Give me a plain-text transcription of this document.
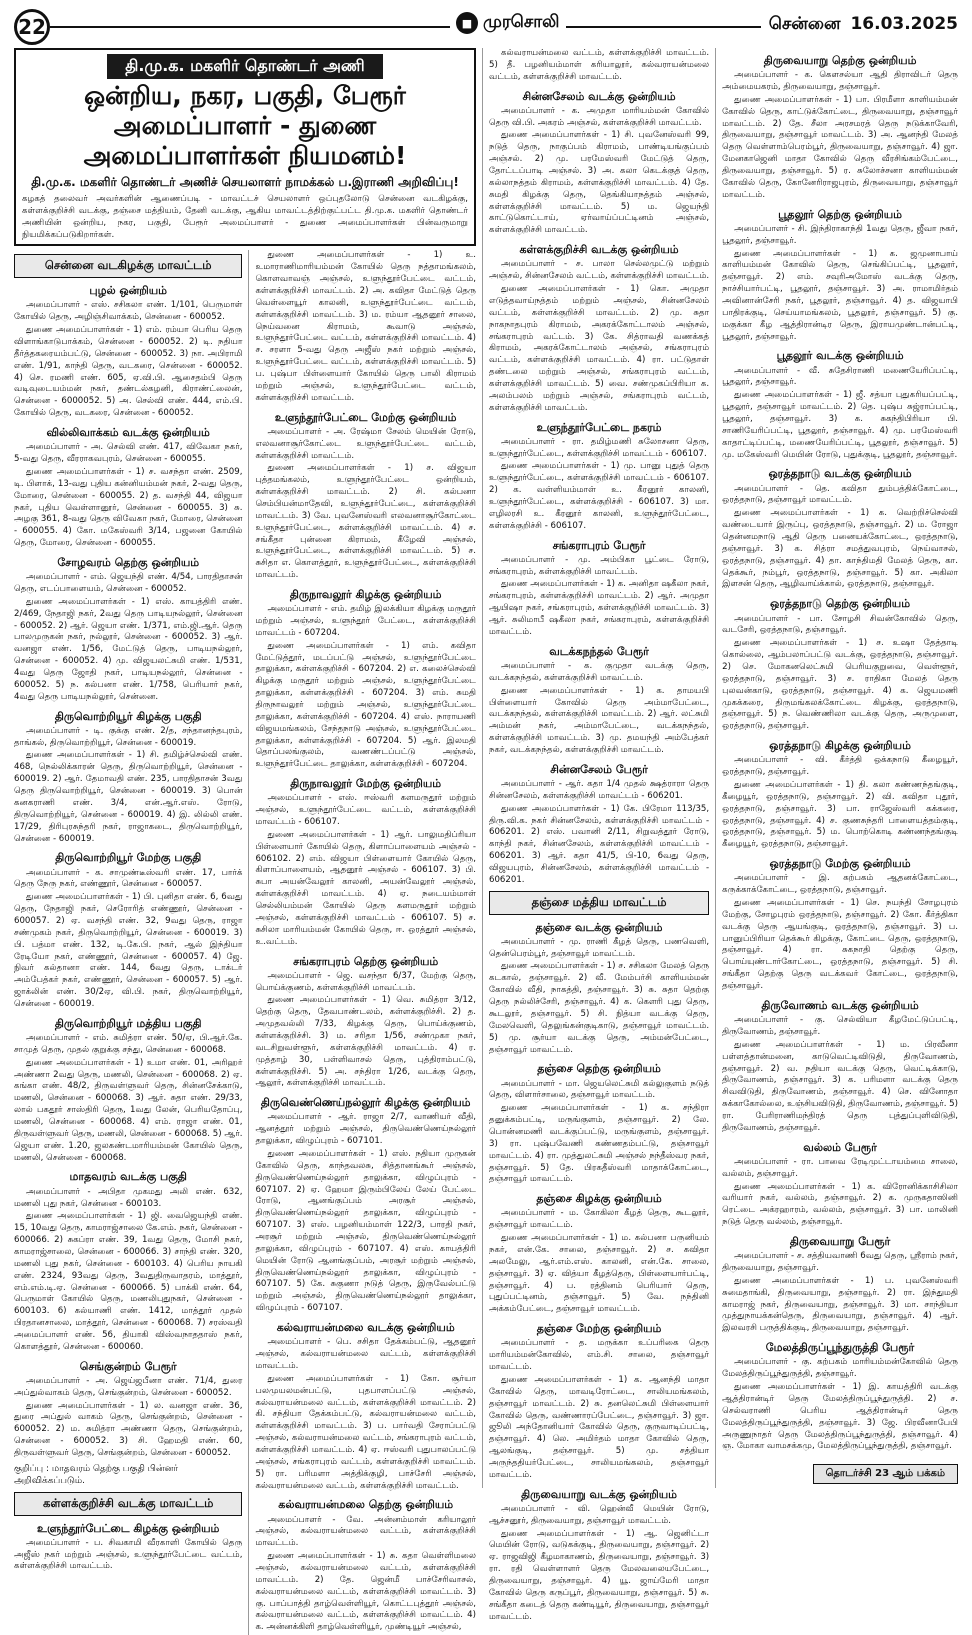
22	■ முரசொலி	சென்னை 16.03.2025
தி.மு.க. மகளிர் தொண்டர் அணி
ஒன்றிய, நகர, பகுதி, பேரூர்
அமைப்பாளர் - துணை அமைப்பாளர்கள் நியமனம்!
தி.மு.க. மகளிர் தொண்டர் அணிச் செயலாளர் நாமக்கல் ப.இராணி அறிவிப்பு!
கழகத் தலைவர் அவர்களின் ஆணைப்படி - மாவட்டச் செயலாளர் ஒப்புதலோடு சென்னை வடகிழக்கு, கள்ளக்குறிச்சி வடக்கு, தஞ்சை மத்தியம், தேனி வடக்கு, ஆகிய மாவட்டத்திற்குட்பட்ட தி.மு.க. மகளிர் தொண்டர் அணியின் ஒன்றிய, நகர, பகுதி, பேரூர் அமைப்பாளர் - துணை அமைப்பாளர்கள் பின்வருமாறு நியமிக்கப்படுகிறார்கள்.
சென்னை வடகிழக்கு மாவட்டம்
புழல் ஒன்றியம்
அமைப்பாளர் - எஸ். சசிகலா எண். 1/101, பெருமாள் கோயில் தெரு, அழிஞ்சிவாக்கம், சென்னை - 600052.
துணை அமைப்பாளர்கள் - 1) எம். ரம்யா பெரிய தெரு விளாங்காடுபாக்கம், சென்னை - 600052. 2) டி. நதியா தீர்த்தகரையம்பட்டு, சென்னை - 600052. 3) நா. அபிராமி எண். 1/91, காந்தி தெரு, வடகரை, சென்னை - 600052. 4) செ. ரமணி எண். 605, ஏ.வி.பி. ஆசைதம்பி தெரு வடிவுடையம்மன் நகர், தண்டல்கழனி, கிராண்ட்லைன், சென்னை - 6000052. 5) அ. செல்வி எண். 444, எம்.பி. கோயில் தெரு, வடகரை, சென்னை - 600052.
வில்லிவாக்கம் வடக்கு ஒன்றியம்
அமைப்பாளர் - அ. செல்வி எண். 417, விவேகா நகர், 5-வது தெரு, வீரராகவபுரம், சென்னை - 600055.
துணை அமைப்பாளர்கள் - 1) ச. வசந்தா எண். 2509, டி. பிளாக், 13-வது புதிய கன்னியம்மன் நகர், 2-வது தெரு, மோரை, சென்னை - 600055. 2) த. வசந்தி 44, விஜயா நகர், புதிய வெள்ளானூர், சென்னை - 600055. 3) சு. அழகு 361, 8-வது தெரு விவேகா நகர், மோரை, சென்னை - 600055. 4) கோ. மகேஸ்வரி 3/14, பஜனை கோயில் தெரு, மோரை, சென்னை - 600055.
சோழவரம் தெற்கு ஒன்றியம்
அமைப்பாளர் - எம். ஜெயந்தி எண். 4/54, பாரதிதாசன் தெரு, எடப்பாளையம், சென்னை - 600052.
துணை அமைப்பாளர்கள் - 1) எஸ். காயத்திரி எண். 2/469, நேதாஜி நகர், 2வது தெரு பாடியநல்லூர், சென்னை - 600052. 2) ஆர். ஜெயா எண். 1/371, எம்.ஜி.ஆர். தெரு பாலமுருகன் நகர், நல்லூர், சென்னை - 600052. 3) ஆர். வனஜா எண். 1/56, மேட்டுத் தெரு, பாடியநல்லூர், சென்னை - 600052. 4) மு. விஜயலட்சுமி எண். 1/531, 4வது தெரு ஜோதி நகர், பாடியநல்லூர், சென்னை - 600052. 5) ந. கல்பனா எண். 1/758, பெரியார் நகர், 4வது தெரு பாடியநல்லூர், சென்னை.
திருவொற்றியூர் கிழக்கு பகுதி
அமைப்பாளர் - டி. குக்கு எண். 2/த, சந்தானந்தபுரம், தாங்கல், திருவொற்றியூர், சென்னை - 600019.
துணை அமைப்பாளர்கள் - 1) சி. தமிழ்ச்செல்வி எண். 468, நெல்லிக்காரன் தெரு, திருவொற்றியூர், சென்னை - 600019. 2) ஆர். தேமாவதி எண். 235, பாரதிதாசன் 3வது தெரு திருவொற்றியூர், சென்னை - 600019. 3) பொன் கனகராணி எண். 3/4, என்.ஆர்.எஸ். ரோடு, திருவொற்றியூர், சென்னை - 600019. 4) இ. லில்லி எண். 17/29, திரிபுரசுந்தரி நகர், ராஜாகடை, திருவொற்றியூர், சென்னை - 600019.
திருவொற்றியூர் மேற்கு பகுதி
அமைப்பாளர் - க. சாமுண்டீஸ்வரி எண். 17, பார்க் தெரு நேரு நகர், எண்ணூர், சென்னை - 600057.
துணை அமைப்பாளர்கள் - 1) பி. புனிதா எண். 6, 6வது தெரு, நேதாஜி நகர், செரோரித் எண்ணூர், சென்னை - 600057. 2) ஏ. வசந்தி எண். 32, 9வது தெரு, ராஜா சண்முகம் நகர், திருவொற்றியூர், சென்னை - 600019. 3) பி. பத்மா எண். 132, டி.கே.பி. நகர், ஆல் இந்தியா ரேடியோ நகர், எண்ணூர், சென்னை - 600057. 4) ஜே. நிவர் கல்தானா எண். 144, 6வது தெரு, டாக்டர் அம்பேத்கர் நகர், எண்ணூர், சென்னை - 600057. 5) ஆர். ஜாக்லின் எண். 30/2ஏ, வி.பி. நகர், திருவொற்றியூர், சென்னை - 600019.
திருவொற்றியூர் மத்திய பகுதி
அமைப்பாளர் - எம். சுமித்ரா எண். 50/ஏ, பி.ஆர்.கே. சாமுத் தெரு, முதல் குறுக்கு சந்து, சென்னை - 600068.
துணை அமைப்பாளர்கள் - 1) உமா எண். 01, அரிஹர் அண்ணா 2வது தெரு, மணலி, சென்னை - 600068. 2) ஏ. கங்கா எண். 48/2, திருவள்ளுவர் தெரு, சின்னசேக்காடு, மணலி, சென்னை - 600068. 3) ஆர். சுதா எண். 29/33, லால் பகதூர் சாஸ்திரி தெரு, 1வது லேன், பெரியதோப்பு, மணலி, சென்னை - 600068. 4) எம். ராஜா எண். 01, திருவள்ளுவர் தெரு, மணலி, சென்னை - 600068. 5) ஆர். ஜெயா எண். 1.20, ஜலகண்டமாரியம்மன் கோயில் தெரு, மணலி, சென்னை - 600068.
மாதவரம் வடக்கு பகுதி
அமைப்பாளர் - அபிதா முகமது அலி எண். 632, மணலி புது நகர், சென்னை - 600103.
துணை அமைப்பாளர்கள் - 1) ஜி. வைஜெயந்தி எண். 15, 10வது தெரு, காமராஜ்சாலை கே.எம். நகர், சென்னை - 600066. 2) சுகப்ரா எண். 39, 1வது தெரு, மோசி நகர், காமராஜ்சாலை, சென்னை - 600066. 3) சாந்தி எண். 320, மணலி புது நகர், சென்னை - 600103. 4) பெரிய நாயகி எண். 2324, 93வது தெரு, 3வதுதிருவாதரம், மாத்தூர், எம்.எம்.டி.ஏ. சென்னை - 600066. 5) பாக்கி எண். 64, பெருமாள் கோயில் தெரு, மணலிபுதுநகர், சென்னை - 600103. 6) கல்யாணி எண். 1412, மாத்தூர் முதல் பிரதானசாலை, மாத்தூர், சென்னை - 600068. 7) சரஸ்வதி அமைப்பாளர் எண். 56, தியாகி விஸ்வநாததாஸ் நகர், கொளத்தூர், சென்னை - 600060.
செங்குன்றம் பேரூர்
அமைப்பாளர் - அ. ஜெய்ஜபீனா எண். 71/4, துரை அப்துல்வாகம் தெரு, செங்குன்றம், சென்னை - 600052.
துணை அமைப்பாளர்கள் - 1) ல. வனஜா எண். 36, துரை அப்துல் வாகம் தெரு, செங்குன்றம், சென்னை - 600052. 2) ம. சுமித்ரா அண்ணா தெரு, செங்குன்றம், சென்னை - 600052. 3) சி. ஹேமதி எண். 60, திருவள்ளுவர் தெரு, செங்குன்றம், சென்னை - 600052.
குறிப்பு : மாதவரம் தெற்கு பகுதி பின்னர் அறிவிக்கப்படும்.
கள்ளக்குறிச்சி வடக்கு மாவட்டம்
உளுந்தூர்பேட்டை கிழக்கு ஒன்றியம்
அமைப்பாளர் - ப. சிவகாமி வீரகாளி கோயில் தெரு அஜீஸ் நகர் மற்றும் அஞ்சல், உளுந்தூர்பேட்டை வட்டம், கள்ளக்குறிச்சி மாவட்டம்.
துணை அமைப்பாளர்கள் - 1) உ. உமாராணிமாரியம்மன் கோயில் தெரு நத்தாமங்கலம், கொளவாவஞ் அஞ்சல், உளுந்தூர்பேட்டை வட்டம், கள்ளக்குறிச்சி மாவட்டம். 2) அ. கவிதா மேட்டுத் தெரு வெள்ளையூர் காலனி, உளுந்தூர்பேட்டை வட்டம், கள்ளக்குறிச்சி மாவட்டம். 3) ம. ரம்யா ஆதனூர் சாலை, நெய்வனை கிராமம், கூவாடு அஞ்சல், உளுந்தூர்பேட்டை வட்டம், கள்ளக்குறிச்சி மாவட்டம். 4) ச. சரளா 5-வது தெரு அஜீஸ் நகர் மற்றும் அஞ்சல், உளுந்தூர்பேட்டை வட்டம், கள்ளக்குறிச்சி மாவட்டம். 5) ப. புஷ்பா பிள்ளையார் கோயில் தெரு பாலி கிராமம் மற்றும் அஞ்சல், உளுந்தூர்பேட்டை வட்டம், கள்ளக்குறிச்சி மாவட்டம்.
உளுந்தூர்பேட்டை மேற்கு ஒன்றியம்
அமைப்பாளர் - அ. ரேஷ்மா சேலம் மெயின் ரோடு, எலவனாசூர்கோட்டை உளுந்தூர்பேட்டை வட்டம், கள்ளக்குறிச்சி மாவட்டம்.
துணை அமைப்பாளர்கள் - 1) ச. விஜயா புத்தமங்கலம், உளுந்தூர்பேட்டை ஒன்றியம், கள்ளக்குறிச்சி மாவட்டம். 2) சி. கல்பனா செம்பியன்மாதேவி, உளுந்தூர்பேட்டை, கள்ளக்குறிச்சி மாவட்டம். 3) வே. புவனேஸ்வரி எலவனாசூர்கோட்டை உளுந்தூர்பேட்டை, கள்ளக்குறிச்சி மாவட்டம். 4) ச. சங்கீதா புன்னை கிராமம், கீழேவி அஞ்சல், உளுந்தூர்பேட்டை, கள்ளக்குறிச்சி மாவட்டம். 5) ச. சுசிதா எ. கொளத்தூர், உளுந்தூர்பேட்டை, கள்ளக்குறிச்சி மாவட்டம்.
திருநாவலூர் கிழக்கு ஒன்றியம்
அமைப்பாளர் - எம். தமிழ் இலக்கியா கிழக்கு மருதூர் மற்றும் அஞ்சல், உளுந்தூர் பேட்டை, கள்ளக்குறிச்சி மாவட்டம் - 607204.
துணை அமைப்பாளர்கள் - 1) எம். கவிதா மேட்டுத்தூர், மடப்பட்டு அஞ்சல், உளுந்தூர்பேட்டை தாலுக்கா, கள்ளக்குறிச்சி - 607204. 2) எ. கலைச்செல்வி கிழக்கு மருதூர் மற்றும் அஞ்சல், உளுந்தூர்பேட்டை தாலுக்கா, கள்ளக்குறிச்சி - 607204. 3) எம். சுமதி திருநாவலூர் மற்றும் அஞ்சல், உளுந்தூர்பேட்டை தாலுக்கா, கள்ளக்குறிச்சி - 607204. 4) எஸ். நாராயணி விஜயமங்கலம், சேந்தநாடு அஞ்சல், உளுந்தூர்பேட்டை தாலுக்கா, கள்ளக்குறிச்சி - 607204. 5) ஆர். இலமதி தொப்பலங்குலம், வணண்டப்பட்டு அஞ்சல், உளுந்தூர்பேட்டை தாலுக்கா, கள்ளக்குறிச்சி - 607204.
திருநாவலூர் மேற்கு ஒன்றியம்
அமைப்பாளர் - எஸ். ஈஸ்வரி களமருதூர் மற்றும் அஞ்சல், உளுந்தூர்பேட்டை வட்டம், கள்ளக்குறிச்சி மாவட்டம் - 606107.
துணை அமைப்பாளர்கள் - 1) ஆர். பாலுமதிப்ரியா பிள்ளையார் கோயில் தெரு, கிளாப்பாளையம் அஞ்சல் - 606102. 2) எம். விஜயா பிள்ளையார் கோயில் தெரு, கிளாப்பாளையம், ஆதனூர் அஞ்சல் - 606107. 3) பி. சுபா அயன்வேலூர் காலனி, அயன்வேலூர் அஞ்சல், கள்ளக்குறிச்சி மாவட்டம். 4) ஏ. நடையம்மாள் செல்லியம்மன் கோயில் தெரு களமருதூர் மற்றும் அஞ்சல், கள்ளக்குறிச்சி மாவட்டம் - 606107. 5) ச. சுசிலா மாரியம்மன் கோயில் தெரு, ஈ. ஒரத்தூர் அஞ்சல், உ.வட்டம்.
சங்கராபுரம் தெற்கு ஒன்றியம்
அமைப்பாளர் - ஜெ. வசந்தா 6/37, மேற்கு தெரு, பொய்க்குணம், கள்ளக்குறிச்சி மாவட்டம்.
துணை அமைப்பாளர்கள் - 1) வெ. சுமித்ரா 3/12, தெற்கு தெரு, தேவபாண்டலம், கள்ளக்குறிச்சி. 2) த. அமுதவல்லி 7/33, கிழக்கு தெரு, பொய்க்குணம், கள்ளக்குறிச்சி. 3) ம. சரிதா 1/56, சண்முகா நகர், வடசிறுவள்ளூர், கள்ளக்குறிச்சி மாவட்டம். 4) ர. முத்தாழ் 30, பள்ளிவாசல் தெரு, புத்திராம்பட்டு, கள்ளக்குறிச்சி. 5) அ. சந்திரா 1/26, வடக்கு தெரு, ஆலூர், கள்ளக்குறிச்சி மாவட்டம்.
திருவெண்ணெய்நல்லூர் கிழக்கு ஒன்றியம்
அமைப்பாளர் - ஆர். ராஜா 2/7, வாணியர் வீதி, ஆனத்தூர் மற்றும் அஞ்சல், திருவெண்ணெய்நல்லூர் தாலுக்கா, விழுப்புரம் - 607101.
துணை அமைப்பாளர்கள் - 1) எஸ். நதியா முருகன் கோவில் தெரு, காந்தவலசு, சித்தானங்கூர் அஞ்சல், திருவெண்ணெய்நல்லூர் தாலுக்கா, விழுப்புரம் - 607107. 2) ஏ. ஹேமா இரும்பிலேய் லேய் பேட்டை ரோடு, ஆனங்குப்பம் அரசூர் அஞ்சல், திருவெண்ணெய்நல்லூர் தாலுக்கா, விழுப்புரம் - 607107. 3) எஸ். பழனியம்மாள் 122/3, பாரதி நகர், அரசூர் மற்றும் அஞ்சல், திருவெண்ணெய்நல்லூர் தாலுக்கா, விழுப்புரம் - 607107. 4) எஸ். காயத்திரி மெயின் ரோடு ஆனங்குப்பம், அரசூர் மற்றும் அஞ்சல், திருவெண்ணெய்நல்லூர் தாலுக்கா, விழுப்புரம் - 607107. 5) கே. சுகுணா நடுத் தெரு, இருவேல்பட்டு மற்றும் அஞ்சல், திருவெண்ணெய்நல்லூர் தாலுக்கா, விழுப்புரம் - 607107.
கல்வராயன்மலை வடக்கு ஒன்றியம்
அமைப்பாளர் - பெ. சசிதா தேக்கம்பட்டு, ஆதனூர் அஞ்சல், கல்வராயன்மலை வட்டம், கள்ளக்குறிச்சி மாவட்டம்.
துணை அமைப்பாளர்கள் - 1) கோ. சூர்யா பலமுயலமன்பட்டு, புதபாளப்பட்டு அஞ்சல், கல்வராயன்மலை வட்டம், கள்ளக்குறிச்சி மாவட்டம். 2) கி. சந்தியா தேக்கம்பட்டு, கல்வராயன்மலை வட்டம், கள்ளக்குறிச்சி மாவட்டம். 3) ப. பார்வதி சேராப்பட்டு அஞ்சல், கல்வராயன்மலை வட்டம், சங்கராபுரம் வட்டம், கள்ளக்குறிச்சி மாவட்டம். 4) ஏ. ஈஸ்வரி புதுபாலப்பட்டு அஞ்சல், சங்கராபுரம் வட்டம், கள்ளக்குறிச்சி மாவட்டம். 5) ரா. பரிமளா அத்திக்குழி, பாச்சேரி அஞ்சல், கல்வராயன்மலை வட்டம், கள்ளக்குறிச்சி மாவட்டம்.
கல்வராயன்மலை தெற்கு ஒன்றியம்
அமைப்பாளர் - வே. அன்னம்மாள் கரியாலூர் அஞ்சல், கல்வராயன்மலை வட்டம், கள்ளக்குறிச்சி மாவட்டம்.
துணை அமைப்பாளர்கள் - 1) சு. கதா வெள்ளிமலை அஞ்சல், கல்வராயன்மலை வட்டம், கள்ளக்குறிச்சி மாவட்டம். 2) தே. ஜென்மீ பாச்சேரிவாசல், கல்வராயன்மலை வட்டம், கள்ளக்குறிச்சி மாவட்டம். 3) கு. பாப்பாத்தி தாழ்வெள்ளியூர், கொட்டபுத்தூர் அஞ்சல், கல்வராயன்மலை வட்டம், கள்ளக்குறிச்சி மாவட்டம். 4) க. அன்னக்கிளி தாழ்வெள்ளியூர், முண்டியூர் அஞ்சல்,
கல்வராயன்மலை வட்டம், கள்ளக்குறிச்சி மாவட்டம். 5) தீ. பழனியம்மாள் கரியாலூர், கல்வராயன்மலை வட்டம், கள்ளக்குறிச்சி மாவட்டம்.
சின்னசேலம் வடக்கு ஒன்றியம்
அமைப்பாளர் - க. அமுதா மாரியம்மன் கோவில் தெரு வி.பி. அகரம் அஞ்சல், கள்ளக்குறிச்சி மாவட்டம்.
துணை அமைப்பாளர்கள் - 1) சி. புவனேஸ்வரி 99, நடுத் தெரு, நாகுப்பம் கிராமம், பாண்டியங்குப்பம் அஞ்சல். 2) மு. பரமேஸ்வரி மேட்டுத் தெரு, தோட்டப்பாடி அஞ்சல். 3) அ. கலா கெடக்குத் தெரு, கல்லாநத்தம் கிராமம், கள்ளக்குறிச்சி மாவட்டம். 4) தே. சுமதி கிழக்கு தெரு, தெங்கியாநத்தம் அஞ்சல், கள்ளக்குறிச்சி மாவட்டம். 5) ம. ஜெயந்தி காட்டுகொட்டாய், ஏர்வாய்ப்பட்டினம் அஞ்சல், கள்ளக்குறிச்சி மாவட்டம்.
கள்ளக்குறிச்சி வடக்கு ஒன்றியம்
அமைப்பாளர் - ச. பாலா செல்லமுட்டு மற்றும் அஞ்சல், சின்னசேலம் வட்டம், கள்ளக்குறிச்சி மாவட்டம்.
துணை அமைப்பாளர்கள் - 1) கொ. அமுதா எடுத்தவாய்நத்தம் மற்றும் அஞ்சல், சின்னசேலம் வட்டம், கள்ளக்குறிச்சி மாவட்டம். 2) மு. சுதா நாகநாதபுரம் கிராமம், அகரக்கோட்டாலம் அஞ்சல், சங்கராபுரம் வட்டம். 3) கே. சித்ராவதி வணக்கத் கிராமம், அகரக்கோட்டாலம் அஞ்சல், சங்கராபுரம் வட்டம், கள்ளக்குறிச்சி மாவட்டம். 4) ரா. பட்டுதாள் தண்டலை மற்றும் அஞ்சல், சங்கராபுரம் வட்டம், கள்ளக்குறிச்சி மாவட்டம். 5) வை. சண்முகப்பிரியா க. அலம்பலம் மற்றும் அஞ்சல், சங்கராபுரம் வட்டம், கள்ளக்குறிச்சி மாவட்டம்.
உளுந்தூர்பேட்டை நகரம்
அமைப்பாளர் - ரா. தமிழ்மணி சுலோசனா தெரு, உளுந்தூர்பேட்டை, கள்ளக்குறிச்சி மாவட்டம் - 606107.
துணை அமைப்பாளர்கள் - 1) மு. பானு புதுத் தெரு உளுந்தூர்பேட்டை, கள்ளக்குறிச்சி மாவட்டம் - 606107. 2) க. வள்ளியம்மாள் உ. கீரனூர் காலனி, உளுந்தூர்பேட்டை, கள்ளக்குறிச்சி - 606107. 3) மா. எழிலரசி உ. கீரனூர் காலனி, உளுந்தூர்பேட்டை, கள்ளக்குறிச்சி - 606107.
சங்கராபுரம் பேரூர்
அமைப்பாளர் - மு. அம்பிகா பூட்டை ரோடு, சங்கராபுரம், கள்ளக்குறிச்சி மாவட்டம்.
துணை அமைப்பாளர்கள் - 1) க. அனிதா ஷகீலா நகர், சங்கராபுரம், கள்ளக்குறிச்சி மாவட்டம். 2) ஆர். அமுதா ஆயிஷா நகர், சங்கராபுரம், கள்ளக்குறிச்சி மாவட்டம். 3) ஆர். சுலிமாபீ ஷகீலா நகர், சங்கராபுரம், கள்ளக்குறிச்சி மாவட்டம்.
வடக்கநந்தல் பேரூர்
அமைப்பாளர் - க. குமுதா வடக்கு தெரு, வடக்கநந்தல், கள்ளக்குறிச்சி மாவட்டம்.
துணை அமைப்பாளர்கள் - 1) க. தாமயபி பிள்ளையார் கோவில் தெரு அம்மாபேட்டை, வடக்கநந்தல், கள்ளக்குறிச்சி மாவட்டம். 2) ஆர். லட்சுமி அம்மன் நகர், அம்மாபேட்டை, வடக்கநந்தல், கள்ளக்குறிச்சி மாவட்டம். 3) மு. தமயந்தி அம்பேத்கர் நகர், வடக்கநந்தல், கள்ளக்குறிச்சி மாவட்டம்.
சின்னசேலம் பேரூர்
அமைப்பாளர் - ஆர். கதா 1/4 முதல் க்ஷத்ராரா தெரு சின்னசேலம், கள்ளக்குறிச்சி மாவட்டம் - 606201.
துணை அமைப்பாளர்கள் - 1) கே. பிரேமா 113/35, திரு.வி.க. நகர் சின்னசேலம், கள்ளக்குறிச்சி மாவட்டம் - 606201. 2) எஸ். பவானி 2/11, சிறுவத்தூர் ரோடு, காந்தி நகர், சின்னசேலம், கள்ளக்குறிச்சி மாவட்டம் - 606201. 3) ஆர். கதா 41/5, பி-10, 6வது தெரு, விஜயபுரம், சின்னசேலம், கள்ளக்குறிச்சி மாவட்டம் - 606201.
தஞ்சை மத்திய மாவட்டம்
தஞ்சை வடக்கு ஒன்றியம்
அமைப்பாளர் - மு. ராணி கீழத் தெரு, பணவெளி, தென்பெரம்பூர், தஞ்சாவூர் மாவட்டம்.
துணை அமைப்பாளர்கள் - 1) ச. சசிகலா மேலத் தெரு கடகால், தஞ்சாவூர். 2) வீ. மேம்பர்சி காளியம்மன் கோவில் வீதி, நாகத்தி, தஞ்சாவூர். 3) சு. சுதா தெற்கு தெரு நல்லிச்சேரி, தஞ்சாவூர். 4) க. கௌரி புது தெரு, கூடலூர், தஞ்சாவூர். 5) சி. நித்யா வடக்கு தெரு, மேலவெளி, தெலுங்கன்குடிகாடு, தஞ்சாவூர் மாவட்டம். 5) மு. சூர்யா வடக்கு தெரு, அம்மன்பேட்டை, தஞ்சாவூர் மாவட்டம்.
தஞ்சை தெற்கு ஒன்றியம்
அமைப்பாளர் - மா. ஜெயலெட்சுமி கல்லுகுளம் நடுத் தெரு, விளார்சாலை, தஞ்சாவூர் மாவட்டம்.
துணை அமைப்பாளர்கள் - 1) க. சந்திரா தனுக்கம்பட்டி, மருங்குளம், தஞ்சாவூர். 2) லே. பொன்னமணி வடக்குப்பட்டு, மருங்குளம், தஞ்சாவூர். 3) ரா. புஷ்பவேணி கண்ணதம்பட்டு, தஞ்சாவூர் மாவட்டம். 4) ரா. முத்துலட்சுமி அஞ்சல் நந்தீஸ்வர நகர், தஞ்சாவூர். 5) தே. பிரகதீஸ்வரி மாதாக்கோட்டை, தஞ்சாவூர் மாவட்டம்.
தஞ்சை கிழக்கு ஒன்றியம்
அமைப்பாளர் - ம. கோகிலா கீழத் தெரு, கூடலூர், தஞ்சாவூர் மாவட்டம்.
துணை அமைப்பாளர்கள் - 1) ம. கல்பனா பருனியம் நகர், என்.கே. சாலை, தஞ்சாவூர். 2) ச. கவிதா அலமேலு, ஆர்.எம்.எஸ். காலனி, என்.கே. சாலை, தஞ்சாவூர். 3) ஏ. வித்யா கீழத்தெரு, பிள்ளையார்பட்டி, தஞ்சாவூர். 4) ப. ரத்தினம் பெரியார் தெரு, புதுப்பட்டினம், தஞ்சாவூர். 5) வே. நந்தினி அக்கம்பேட்டை, தஞ்சாவூர் மாவட்டம்.
தஞ்சை மேற்கு ஒன்றியம்
அமைப்பாளர் - த. மருக்கா உப்பரிகை தெரு மாரியம்மன்கோவில், எம்.சி. சாலை, தஞ்சாவூர் மாவட்டம்.
துணை அமைப்பாளர்கள் - 1) க. ஆனந்தி மாதா கோவில் தெரு, மாவடிரோட்டை, சாலியமங்கலம், தஞ்சாவூர் மாவட்டம். 2) சு. தனலெட்சுமி பிள்ளையார் கோவில் தெரு, வண்ணாரப்பேட்டை, தஞ்சாவூர். 3) ஜா. ஜூலி அந்தோனியார் கோவில் தெரு, குருவாடிப்பட்டி, தஞ்சாவூர். 4) லெ. அமிர்தம் மாதா கோவில் தெரு, ஆலங்குடி, தஞ்சாவூர். 5) மு. சத்தியா அருந்ததியர்பேட்டை, சாலியமங்கலம், தஞ்சாவூர் மாவட்டம்.
திருவையாறு வடக்கு ஒன்றியம்
அமைப்பாளர் - வி. ஹென்வீ மெயின் ரோடு, ஆச்சனூர், திருவையாறு, தஞ்சாவூர் மாவட்டம்.
துணை அமைப்பாளர்கள் - 1) ஆ. ஜெனிட்டா மெயின் ரோடு, வடுகக்குடி, திருவையாறு, தஞ்சாவூர். 2) ஏ. ராஜவிஜி கீழமாகாணம், திருவையாறு, தஞ்சாவூர். 3) ரா. ரதி வெள்ளாளர் தெரு மேலவலையபேட்டை, திருவையாறு, தஞ்சாவூர். 4) யூ. ஜாய்மேரி மாதா கோவில் தெரு கருப்பூர், திருவையாறு, தஞ்சாவூர். 5) சு. சங்கீதா கடைத் தெரு கண்டியூர், திருவையாறு, தஞ்சாவூர் மாவட்டம்.
திருவையாறு தெற்கு ஒன்றியம்
அமைப்பாளர் - க. கௌசல்யா ஆதி திராவிடர் தெரு அம்மையகரம், திருவையாறு, தஞ்சாவூர்.
துணை அமைப்பாளர்கள் - 1) பா. பிரமீளா காளியம்மன் கோவில் தெரு, காட்டுக்கோட்டை, திருவையாறு, தஞ்சாவூர் மாவட்டம். 2) தே. சீலா அரசமரத் தெரு நடுக்காவேரி, திருவையாறு, தஞ்சாவூர் மாவட்டம். 3) அ. ஆனந்தி மேலத் தெரு வெள்ளாம்பெரம்பூர், திருவையாறு, தஞ்சாவூர். 4) ஜா. மேனகாஜெனி மாதா கோவில் தெரு வீரசிங்கம்பேட்டை, திருவையாறு, தஞ்சாவூர். 5) ர. சுலோச்சனா காளியம்மன் கோவில் தெரு, கோனேரிராஜபுரம், திருவையாறு, தஞ்சாவூர் மாவட்டம்.
பூதலூர் தெற்கு ஒன்றியம்
அமைப்பாளர் - சி. இந்திராகாந்தி 1வது தெரு, ஜீவா நகர், பூதலூர், தஞ்சாவூர்.
துணை அமைப்பாளர்கள் - 1) க. ஜமுனாபாய் காளியம்மன் கோவில் தெரு, செங்கிப்பட்டி, பூதலூர், தஞ்சாவூர். 2) எம். சவுரிஅமோஸ் வடக்கு தெரு, நாச்சியார்பட்டி, பூதலூர், தஞ்சாவூர். 3) அ. ராமாமிர்தம் அவினான்சேரி நகர், பூதலூர், தஞ்சாவூர். 4) த. விஜயாபி பாதிரக்குடி, செய்யாமங்கலம், பூதலூர், தஞ்சாவூர். 5) கு. மகுக்கா கீழ ஆத்திரான்டிர தெரு, இராயமுண்டான்பட்டி, பூதலூர், தஞ்சாவூர்.
பூதலூர் வடக்கு ஒன்றியம்
அமைப்பாளர் - வீ. சுதேசிராணி மணையேரிப்பட்டி, பூதலூர், தஞ்சாவூர்.
துணை அமைப்பாளர்கள் - 1) ஜீ. சத்யா புதுகரியப்பட்டி, பூதலூர், தஞ்சாவூர் மாவட்டம். 2) தெ. புஷ்ப சுஜ்ராப்பட்டி, பூதலூர், தஞ்சாவூர். 3) க. சுகந்திபிரியா பி. சாணியேரிப்பட்டி, பூதலூர், தஞ்சாவூர். 4) மு. பரமேஸ்வரி காதாட்டிப்பட்டி, மணையேரிப்பட்டி, பூதலூர், தஞ்சாவூர். 5) மு. மகேஸ்வரி மெயின் ரோடு, புதுக்குடி, பூதலூர், தஞ்சாவூர்.
ஒரத்தநாடு வடக்கு ஒன்றியம்
அமைப்பாளர் - தெ. கவிதா தும்பத்திக்கோட்டை, ஒரத்தநாடு, தஞ்சாவூர் மாவட்டம்.
துணை அமைப்பாளர்கள் - 1) க. வெற்றிச்செல்வி வண்டையார் இருப்பு, ஒரத்தநாடு, தஞ்சாவூர். 2) ம. ரோஜா தென்னமநாடு ஆதி தெரு பனையக்கோட்டை, ஒரத்தநாடு, தஞ்சாவூர். 3) க. சித்ரா சமத்துவபுரம், நெய்வாசல், ஒரத்தநாடு, தஞ்சாவூர். 4) தா. காந்திமதி மேலத் தெரு, கா. தெக்கூர், நம்பூர், ஒரத்தநாடு, தஞ்சாவூர். 5) கா. அகிலா இளசன் தெரு, ஆழிவாய்க்கால், ஒரத்தநாடு, தஞ்சாவூர்.
ஒரத்தநாடு தெற்கு ஒன்றியம்
அமைப்பாளர் - பா. சோழசி சிவன்கோவில் தெரு, வடசேரி, ஒரத்தநாடு, தஞ்சாவூர்.
துணை அமைப்பாளர்கள் - 1) ச. உஷா தேத்தாடி கொல்லை, ஆம்பலாப்பட்டு வடக்கு, ஒரத்தநாடு, தஞ்சாவூர். 2) செ. மோகனலெட்சுமி பெரியகுறுவை, வெள்ளூர், ஒரத்தநாடு, தஞ்சாவூர். 3) ச. ராதிகா மேலத் தெரு புலவன்காடு, ஒரத்தநாடு, தஞ்சாவூர். 4) க. ஜெயமணி முகக்கரை, திருமங்கலக்கோட்டை கிழக்கு, ஒரத்தநாடு, தஞ்சாவூர். 5) ந. வெண்ணிலா வடக்கு தெரு, அருமுளை, ஒரத்தநாடு, தஞ்சாவூர்.
ஒரத்தநாடு கிழக்கு ஒன்றியம்
அமைப்பாளர் - வி. கீர்த்தி ஒக்கநாடு கீழையூர், ஒரத்தநாடு, தஞ்சாவூர்.
துணை அமைப்பாளர்கள் - 1) தி. கலா கண்ணந்தங்குடி, கீழையூர், ஒரத்தநாடு, தஞ்சாவூர். 2) வி. கவிதா புதூர், ஒரத்தநாடு, தஞ்சாவூர். 3) பா. ராஜேஸ்வரி கக்கரை, ஒரத்தநாடு, தஞ்சாவூர். 4) ச. குணசுந்தரி பாளையத்தம்குடி, ஒரத்தநாடு, தஞ்சாவூர். 5) ம. பொற்கொடி கண்ணந்தங்குடி கீழையூர், ஒரத்தநாடு, தஞ்சாவூர்.
ஒரத்தநாடு மேற்கு ஒன்றியம்
அமைப்பாளர் - இ. கற்பகம் ஆதனக்கோட்டை, கருக்காக்கோட்டை, ஒரத்தநாடு, தஞ்சாவூர்.
துணை அமைப்பாளர்கள் - 1) செ. நயந்தி சோழபுரம் மேற்கு, சோழபுரம் ஒரத்தநாடு, தஞ்சாவூர். 2) கோ. கீர்த்திகா வடக்கு தெரு ஆயங்குடி, ஒரத்தநாடு, தஞ்சாவூர். 3) ப. பானுப்பிரியா தெக்கூர் கிழக்கு, கோட்டை தெரு, ஒரத்தநாடு, தஞ்சாவூர். 4) ரா. சுகநாதி தெற்கு தெரு, பொய்யுண்டார்கோட்டை, ஒரத்தநாடு, தஞ்சாவூர். 5) சி. சங்கீதா தெற்கு தெரு வடக்கவர் கோட்டை, ஒரத்தநாடு, தஞ்சாவூர்.
திருவோணம் வடக்கு ஒன்றியம்
அமைப்பாளர் - கு. செல்வியா கீழமேட்டுப்பட்டி, திருவோணம், தஞ்சாவூர்.
துணை அமைப்பாளர்கள் - 1) ம. பிரவீனா பள்ளத்தான்மனை, காடுவெட்டிவிடுதி, திருவோணம், தஞ்சாவூர். 2) வ. நதியா வடக்கு தெரு, வெட்டிக்காடு, திருவோணம், தஞ்சாவூர். 3) க. பரிமளா வடக்கு தெரு சிவவிடுதி, திருவோணம், தஞ்சாவூர். 4) செ. வினோதா சுக்காகோல்லை, உஞ்சியவிடுதி, திருவோணம், தஞ்சாவூர். 5) ரா. பேரிராணிமந்திரத் தெரு புத்துப்புளிவிடுதி, திருவோணம், தஞ்சாவூர்.
வல்லம் பேரூர்
அமைப்பாளர் - ரா. பாவை ரேடிமுட்டாயம்மை சாலை, வல்லம், தஞ்சாவூர்.
துணை அமைப்பாளர்கள் - 1) க. விரோனிக்காசிசிலா வரியார் நகர், வல்லம், தஞ்சாவூர். 2) க. முருகதாஸினி ரெட்டை அக்ரஹாரம், வல்லம், தஞ்சாவூர். 3) பா. மாலினி நடுத் தெரு வல்லம், தஞ்சாவூர்.
திருவையாறு பேரூர்
அமைப்பாளர் - ச. சத்தியவாணி 6வது தெரு, ஸ்ரீராம் நகர், திருவையாறு, தஞ்சாவூர்.
துணை அமைப்பாளர்கள் - 1) ப. புவனேஸ்வரி சுமைதாங்கி, திருவையாறு, தஞ்சாவூர். 2) ரா. இந்துமதி காமராஜ் நகர், திருவையாறு, தஞ்சாவூர். 3) மா. சாந்தியா முத்துநாயக்கன்தெரு, திருவையாறு, தஞ்சாவூர். 4) ஆர். இலவரசி பருத்திக்குடி, திருவையாறு, தஞ்சாவூர்.
மேலத்திருப்பூந்துருத்தி பேரூர்
அமைப்பாளர் - கு. கற்பகம் மாரியம்மன்கோவில் தெரு மேலத்திருப்பூந்துருத்தி, தஞ்சாவூர்.
துணை அமைப்பாளர்கள் - 1) இ. காயத்திரி வடக்கு ஆத்திரான்டிர் தெரு மேலத்திருப்பூந்துருத்தி. 2) ச. செல்வராணி பெரிய ஆத்திரான்டிர் தெரு மேலத்திருப்பூந்துருத்தி, தஞ்சாவூர். 3) ஜே. பிரவீனாபேபி அருணுநாதர் தெரு மேலத்திருப்பூந்துருத்தி, தஞ்சாவூர். 4) ஞ. மோகா வாமசக்கமு, மேலத்திருப்பூந்துருத்தி, தஞ்சாவூர்.
தொடர்ச்சி 23 ஆம் பக்கம்
